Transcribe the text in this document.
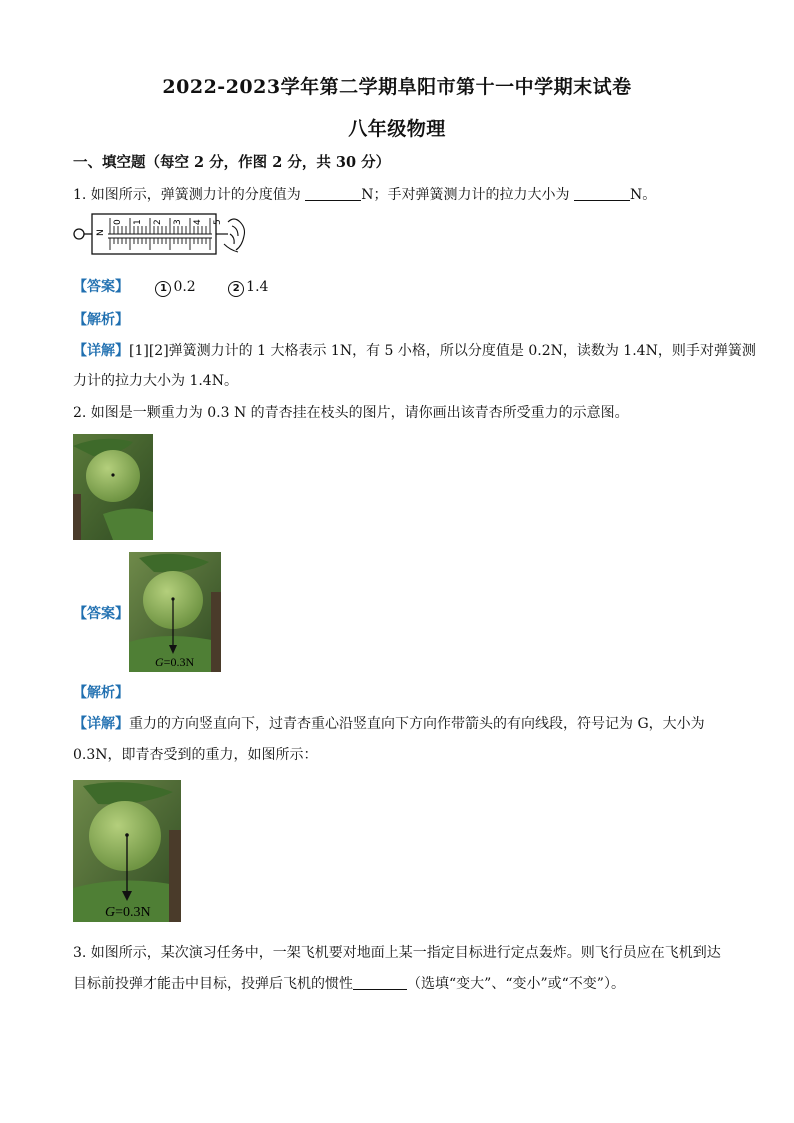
2022-2023学年第二学期阜阳市第十一中学期末试卷
八年级物理
一、填空题（每空 2 分，作图 2 分，共 30 分）
1. 如图所示，弹簧测力计的分度值为	N；手对弹簧测力计的拉力大小为	N。
N
0 1 2 3 4 5
【答案】	1 0.2	2 1.4
【解析】
【详解】[1][2]弹簧测力计的 1 大格表示 1N，有 5 小格，所以分度值是 0.2N，读数为 1.4N，则手对弹簧测
力计的拉力大小为 1.4N。
2. 如图是一颗重力为 0.3 N 的青杏挂在枝头的图片，请你画出该青杏所受重力的示意图。
【答案】
G=0.3N
【解析】
【详解】重力的方向竖直向下，过青杏重心沿竖直向下方向作带箭头的有向线段，符号记为 G，大小为
0.3N，即青杏受到的重力，如图所示：
G=0.3N
3. 如图所示，某次演习任务中，一架飞机要对地面上某一指定目标进行定点轰炸。则飞行员应在飞机到达
目标前投弹才能击中目标，投弹后飞机的惯性	（选填“变大”、“变小”或“不变”）。
